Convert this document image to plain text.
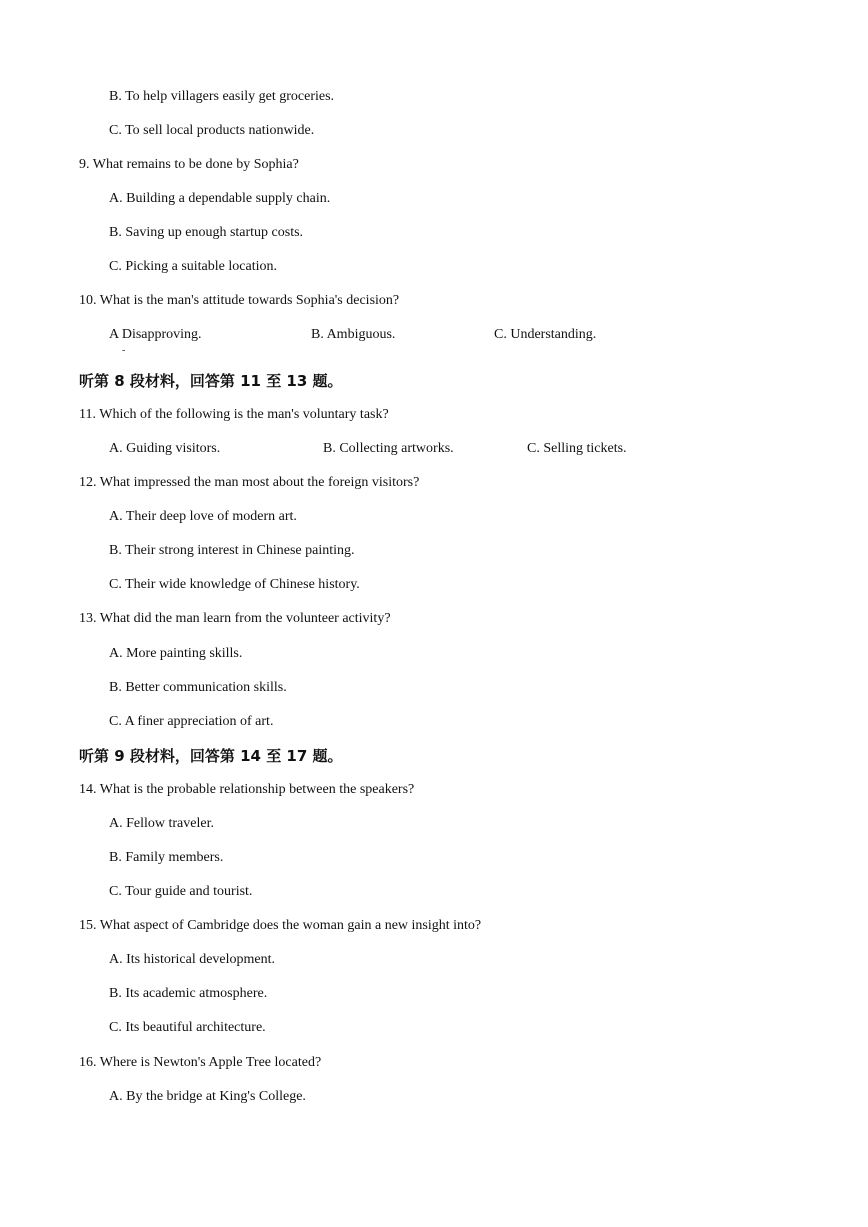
B. To help villagers easily get groceries.
C. To sell local products nationwide.
9. What remains to be done by Sophia?
A. Building a dependable supply chain.
B. Saving up enough startup costs.
C. Picking a suitable location.
10. What is the man's attitude towards Sophia's decision?
A Disapproving.	B. Ambiguous.	C. Understanding.
-
听第 8 段材料，回答第 11 至 13 题。
11. Which of the following is the man's voluntary task?
A. Guiding visitors.	B. Collecting artworks.	C. Selling tickets.
12. What impressed the man most about the foreign visitors?
A. Their deep love of modern art.
B. Their strong interest in Chinese painting.
C. Their wide knowledge of Chinese history.
13. What did the man learn from the volunteer activity?
A. More painting skills.
B. Better communication skills.
C. A finer appreciation of art.
听第 9 段材料，回答第 14 至 17 题。
14. What is the probable relationship between the speakers?
A. Fellow traveler.
B. Family members.
C. Tour guide and tourist.
15. What aspect of Cambridge does the woman gain a new insight into?
A. Its historical development.
B. Its academic atmosphere.
C. Its beautiful architecture.
16. Where is Newton's Apple Tree located?
A. By the bridge at King's College.
